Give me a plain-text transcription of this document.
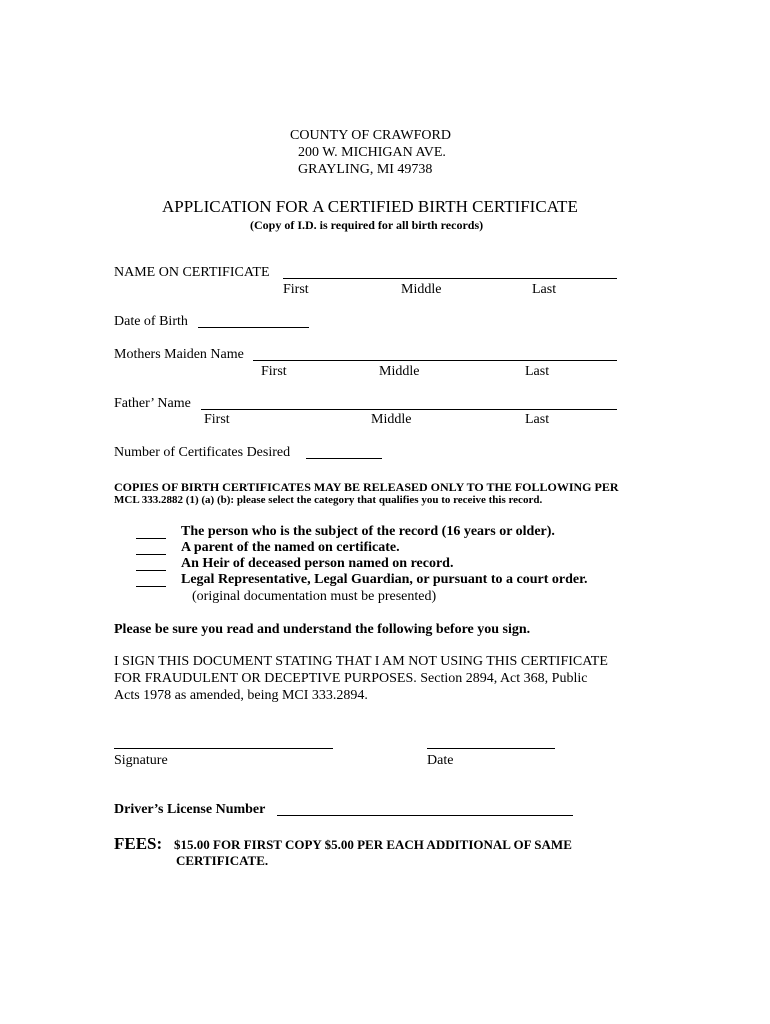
COUNTY OF CRAWFORD
200 W. MICHIGAN AVE.
GRAYLING, MI 49738
APPLICATION FOR A CERTIFIED BIRTH CERTIFICATE
(Copy of I.D. is required for all birth records)
NAME ON CERTIFICATE
First	Middle	Last
Date of Birth
Mothers Maiden Name
First	Middle	Last
Father’ Name
First	Middle	Last
Number of Certificates Desired
COPIES OF BIRTH CERTIFICATES MAY BE RELEASED ONLY TO THE FOLLOWING PER
MCL 333.2882 (1) (a) (b): please select the category that qualifies you to receive this record.
The person who is the subject of the record (16 years or older).
A parent of the named on certificate.
An Heir of deceased person named on record.
Legal Representative, Legal Guardian, or pursuant to a court order.
(original documentation must be presented)
Please be sure you read and understand the following before you sign.
I SIGN THIS DOCUMENT STATING THAT I AM NOT USING THIS CERTIFICATE
FOR FRAUDULENT OR DECEPTIVE PURPOSES. Section 2894, Act 368, Public
Acts 1978 as amended, being MCI 333.2894.
Signature	Date
Driver’s License Number
FEES: $15.00 FOR FIRST COPY $5.00 PER EACH ADDITIONAL OF SAME
CERTIFICATE.
